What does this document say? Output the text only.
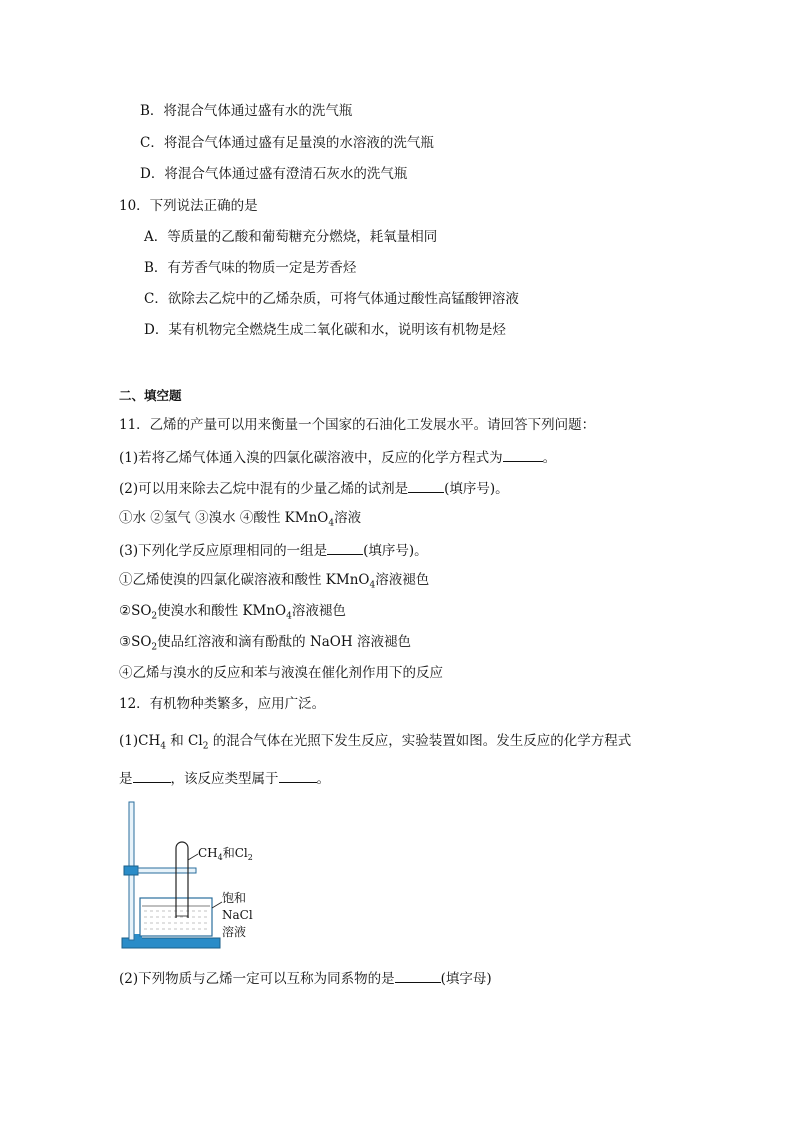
B．将混合气体通过盛有水的洗气瓶
C．将混合气体通过盛有足量溴的水溶液的洗气瓶
D．将混合气体通过盛有澄清石灰水的洗气瓶
10．下列说法正确的是
A．等质量的乙酸和葡萄糖充分燃烧，耗氧量相同
B．有芳香气味的物质一定是芳香烃
C．欲除去乙烷中的乙烯杂质，可将气体通过酸性高锰酸钾溶液
D．某有机物完全燃烧生成二氧化碳和水，说明该有机物是烃
二、填空题
11．乙烯的产量可以用来衡量一个国家的石油化工发展水平。请回答下列问题：
(1)若将乙烯气体通入溴的四氯化碳溶液中，反应的化学方程式为	。
(2)可以用来除去乙烷中混有的少量乙烯的试剂是	(填序号)。
①水 ②氢气 ③溴水 ④酸性 KMnO$_4$溶液
(3)下列化学反应原理相同的一组是	(填序号)。
①乙烯使溴的四氯化碳溶液和酸性 KMnO$_4$溶液褪色
$②SO_2$使溴水和酸性 KMnO$_4$溶液褪色
$③SO_2$使品红溶液和滴有酚酞的 NaOH 溶液褪色
④乙烯与溴水的反应和苯与液溴在催化剂作用下的反应
12．有机物种类繁多，应用广泛。
$(1)CH_4$ 和 $Cl_2$ 的混合气体在光照下发生反应，实验装置如图。发生反应的化学方程式
是	，该反应类型属于	。
$CH_4$和$Cl_2$
饱和
NaCl
溶液
(2)下列物质与乙烯一定可以互称为同系物的是	(填字母)
